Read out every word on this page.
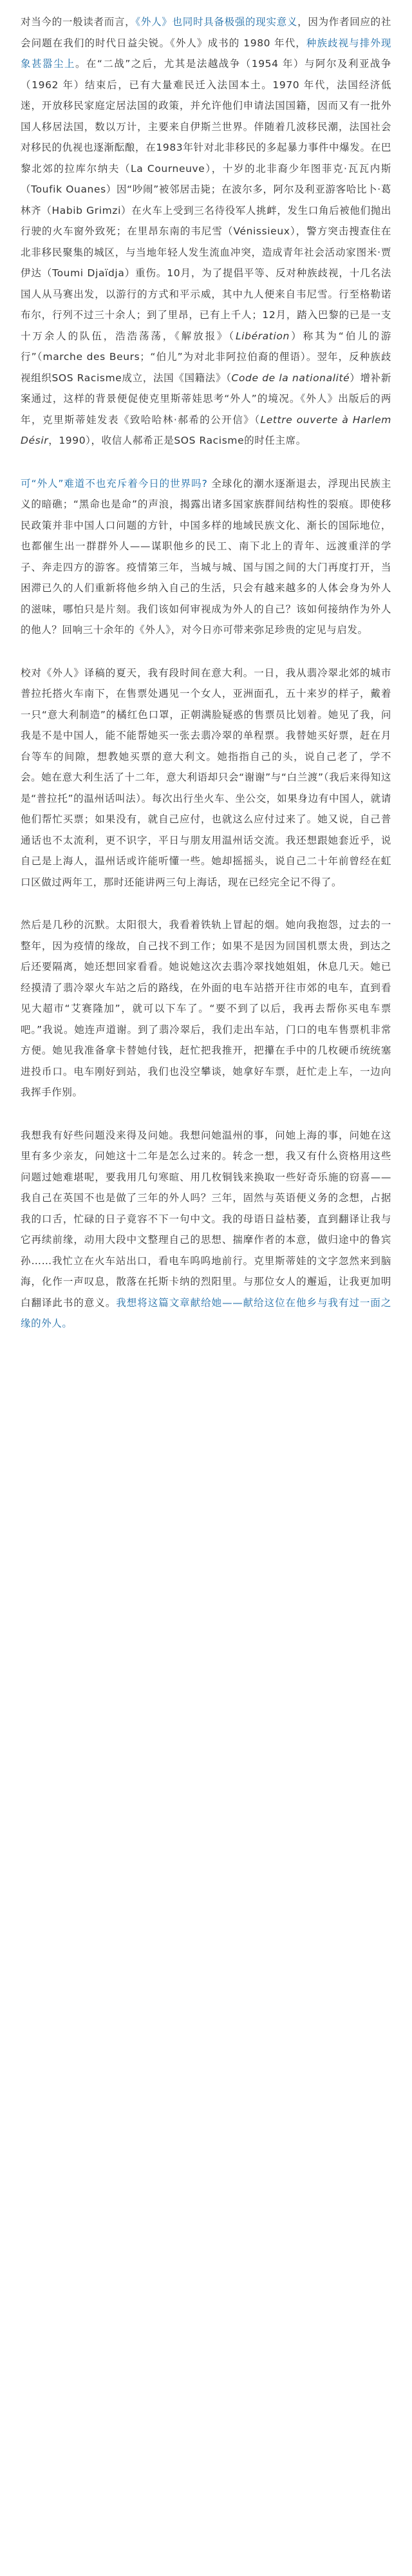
对当今的一般读者而言，《外人》也同时具备极强的现实意义，因为作者回应的社会问题在我们的时代日益尖锐。《外人》成书的 1980 年代，种族歧视与排外现象甚嚣尘上。在“二战”之后，尤其是法越战争（1954 年）与阿尔及利亚战争（1962 年）结束后，已有大量难民迁入法国本土。1970 年代，法国经济低迷，开放移民家庭定居法国的政策，并允许他们申请法国国籍，因而又有一批外国人移居法国，数以万计，主要来自伊斯兰世界。伴随着几波移民潮，法国社会对移民的仇视也逐渐酝酿，在1983年针对北非移民的多起暴力事件中爆发。在巴黎北郊的拉库尔纳夫（La Courneuve），十岁的北非裔少年图菲克·瓦瓦内斯（Toufik Ouanes）因“吵闹”被邻居击毙；在波尔多，阿尔及利亚游客哈比卜·葛林齐（Habib Grimzi）在火车上受到三名待役军人挑衅，发生口角后被他们抛出行驶的火车窗外致死；在里昂东南的韦尼雪（Vénissieux），警方突击搜查住在北非移民聚集的城区，与当地年轻人发生流血冲突，造成青年社会活动家图米·贾伊达（Toumi Djaïdja）重伤。10月，为了提倡平等、反对种族歧视，十几名法国人从马赛出发，以游行的方式和平示威，其中九人便来自韦尼雪。行至格勒诺布尔，行列不过三十余人；到了里昂，已有上千人；12月，踏入巴黎的已是一支十万余人的队伍，浩浩荡荡，《解放报》（Libération）称其为“伯儿的游行”（marche des Beurs；“伯儿”为对北非阿拉伯裔的俚语）。翌年，反种族歧视组织SOS Racisme成立，法国《国籍法》（Code de la nationalité）增补新案通过，这样的背景便促使克里斯蒂娃思考“外人”的境况。《外人》出版后的两年，克里斯蒂娃发表《致哈哈林·郝希的公开信》（Lettre ouverte à Harlem Désir，1990），收信人郝希正是SOS Racisme的时任主席。

可“外人”难道不也充斥着今日的世界吗? 全球化的潮水逐渐退去，浮现出民族主义的暗礁；“黑命也是命”的声浪，揭露出诸多国家族群间结构性的裂痕。即使移民政策并非中国人口问题的方针，中国多样的地域民族文化、渐长的国际地位，也都催生出一群群外人——谋职他乡的民工、南下北上的青年、远渡重洋的学子、奔走四方的游客。疫情第三年，当城与城、国与国之间的大门再度打开，当困滞已久的人们重新将他乡纳入自己的生活，只会有越来越多的人体会身为外人的滋味，哪怕只是片刻。我们该如何审视成为外人的自己？该如何接纳作为外人的他人？回响三十余年的《外人》，对今日亦可带来弥足珍贵的定见与启发。

校对《外人》译稿的夏天，我有段时间在意大利。一日，我从翡冷翠北郊的城市普拉托搭火车南下，在售票处遇见一个女人，亚洲面孔，五十来岁的样子，戴着一只“意大利制造”的橘红色口罩，正朝满脸疑惑的售票员比划着。她见了我，问我是不是中国人，能不能帮她买一张去翡冷翠的单程票。我替她买好票，赶在月台等车的间隙，想教她买票的意大利文。她指指自己的头，说自己老了，学不会。她在意大利生活了十二年，意大利语却只会“谢谢”与“白兰渡”（我后来得知这是“普拉托”的温州话叫法）。每次出行坐火车、坐公交，如果身边有中国人，就请他们帮忙买票；如果没有，就自己应付，也就这么应付过来了。她又说，自己普通话也不太流利，更不识字，平日与朋友用温州话交流。我还想跟她套近乎，说自己是上海人，温州话或许能听懂一些。她却摇摇头，说自己二十年前曾经在虹口区做过两年工，那时还能讲两三句上海话，现在已经完全记不得了。

然后是几秒的沉默。太阳很大，我看着铁轨上冒起的烟。她向我抱怨，过去的一整年，因为疫情的缘故，自己找不到工作；如果不是因为回国机票太贵，到达之后还要隔离，她还想回家看看。她说她这次去翡冷翠找她姐姐，休息几天。她已经摸清了翡冷翠火车站之后的路线，在外面的电车站搭开往市郊的电车，直到看见大超市“艾赛隆加”，就可以下车了。“要不到了以后，我再去帮你买电车票吧。”我说。她连声道谢。到了翡冷翠后，我们走出车站，门口的电车售票机非常方便。她见我准备拿卡替她付钱，赶忙把我推开，把攥在手中的几枚硬币统统塞进投币口。电车刚好到站，我们也没空攀谈，她拿好车票，赶忙走上车，一边向我挥手作别。

我想我有好些问题没来得及问她。我想问她温州的事，问她上海的事，问她在这里有多少亲友，问她这十二年是怎么过来的。转念一想，我又有什么资格用这些问题过她难堪呢，要我用几句寒暄、用几枚铜钱来换取一些好奇乐施的窃喜——我自己在英国不也是做了三年的外人吗？三年，固然与英语便义务的念想，占据我的口舌，忙碌的日子竟容不下一句中文。我的母语日益枯萎，直到翻译让我与它再续前缘，动用大段中文整理自己的思想、揣摩作者的本意，做归途中的鲁宾孙……我忙立在火车站出口，看电车呜呜地前行。克里斯蒂娃的文字忽然来到脑海，化作一声叹息，散落在托斯卡纳的烈阳里。与那位女人的邂逅，让我更加明白翻译此书的意义。我想将这篇文章献给她——献给这位在他乡与我有过一面之缘的外人。
